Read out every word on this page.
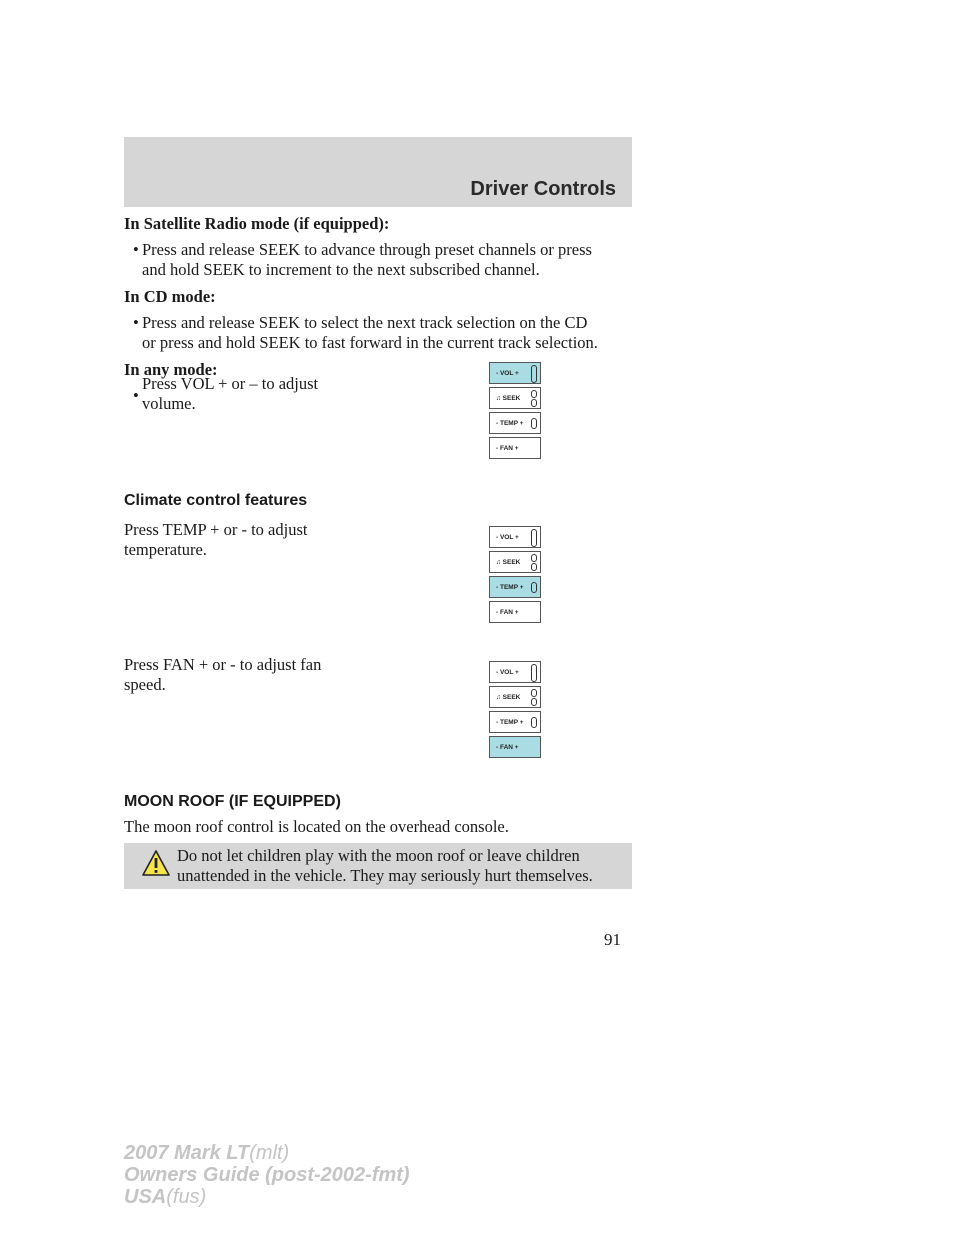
Driver Controls
In Satellite Radio mode (if equipped):
• Press and release SEEK to advance through preset channels or press
and hold SEEK to increment to the next subscribed channel.
In CD mode:
• Press and release SEEK to select the next track selection on the CD
or press and hold SEEK to fast forward in the current track selection.
In any mode:
•
Press VOL + or – to adjust
volume.
- VOL +
♫ SEEK
- TEMP +
- FAN +
Climate control features
Press TEMP + or - to adjust
temperature.
- VOL +
♫ SEEK
- TEMP +
- FAN +
Press FAN + or - to adjust fan
speed.
- VOL +
♫ SEEK
- TEMP +
- FAN +
MOON ROOF (IF EQUIPPED)
The moon roof control is located on the overhead console.
Do not let children play with the moon roof or leave children
unattended in the vehicle. They may seriously hurt themselves.
91
2007 Mark LT(mlt)
Owners Guide (post-2002-fmt)
USA(fus)
